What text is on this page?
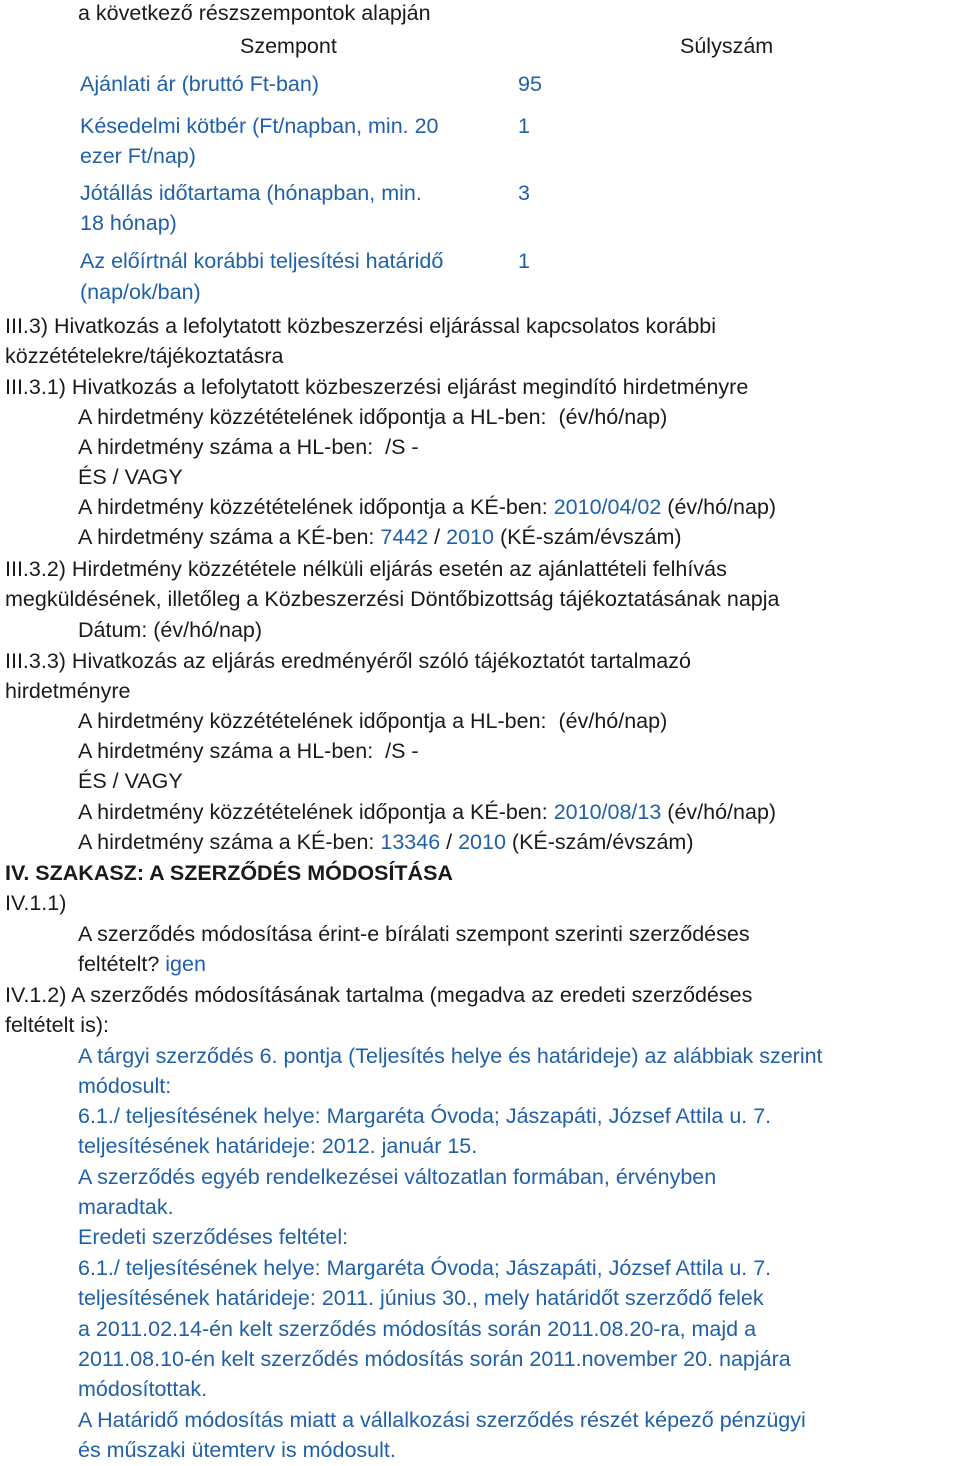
a következő részszempontok alapján
Szempont	Súlyszám
Ajánlati ár (bruttó Ft-ban)	95
Késedelmi kötbér (Ft/napban, min. 20
ezer Ft/nap)
1
Jótállás időtartama (hónapban, min.
18 hónap)
3
Az előírtnál korábbi teljesítési határidő
(nap/ok/ban)
1
III.3) Hivatkozás a lefolytatott közbeszerzési eljárással kapcsolatos korábbi
közzétételekre/tájékoztatásra
III.3.1) Hivatkozás a lefolytatott közbeszerzési eljárást megindító hirdetményre
A hirdetmény közzétételének időpontja a HL-ben: (év/hó/nap)
A hirdetmény száma a HL-ben: /S -
ÉS / VAGY
A hirdetmény közzétételének időpontja a KÉ-ben: 2010/04/02 (év/hó/nap)
A hirdetmény száma a KÉ-ben: 7442 / 2010 (KÉ-szám/évszám)
III.3.2) Hirdetmény közzététele nélküli eljárás esetén az ajánlattételi felhívás
megküldésének, illetőleg a Közbeszerzési Döntőbizottság tájékoztatásának napja
Dátum: (év/hó/nap)
III.3.3) Hivatkozás az eljárás eredményéről szóló tájékoztatót tartalmazó
hirdetményre
A hirdetmény közzétételének időpontja a HL-ben: (év/hó/nap)
A hirdetmény száma a HL-ben: /S -
ÉS / VAGY
A hirdetmény közzétételének időpontja a KÉ-ben: 2010/08/13 (év/hó/nap)
A hirdetmény száma a KÉ-ben: 13346 / 2010 (KÉ-szám/évszám)
IV. SZAKASZ: A SZERZŐDÉS MÓDOSÍTÁSA
IV.1.1)
A szerződés módosítása érint-e bírálati szempont szerinti szerződéses
feltételt? igen
IV.1.2) A szerződés módosításának tartalma (megadva az eredeti szerződéses
feltételt is):
A tárgyi szerződés 6. pontja (Teljesítés helye és határideje) az alábbiak szerint
módosult:
6.1./ teljesítésének helye: Margaréta Óvoda; Jászapáti, József Attila u. 7.
teljesítésének határideje: 2012. január 15.
A szerződés egyéb rendelkezései változatlan formában, érvényben
maradtak.
Eredeti szerződéses feltétel:
6.1./ teljesítésének helye: Margaréta Óvoda; Jászapáti, József Attila u. 7.
teljesítésének határideje: 2011. június 30., mely határidőt szerződő felek
a 2011.02.14-én kelt szerződés módosítás során 2011.08.20-ra, majd a
2011.08.10-én kelt szerződés módosítás során 2011.november 20. napjára
módosítottak.
A Határidő módosítás miatt a vállalkozási szerződés részét képező pénzügyi
és műszaki ütemterv is módosult.
